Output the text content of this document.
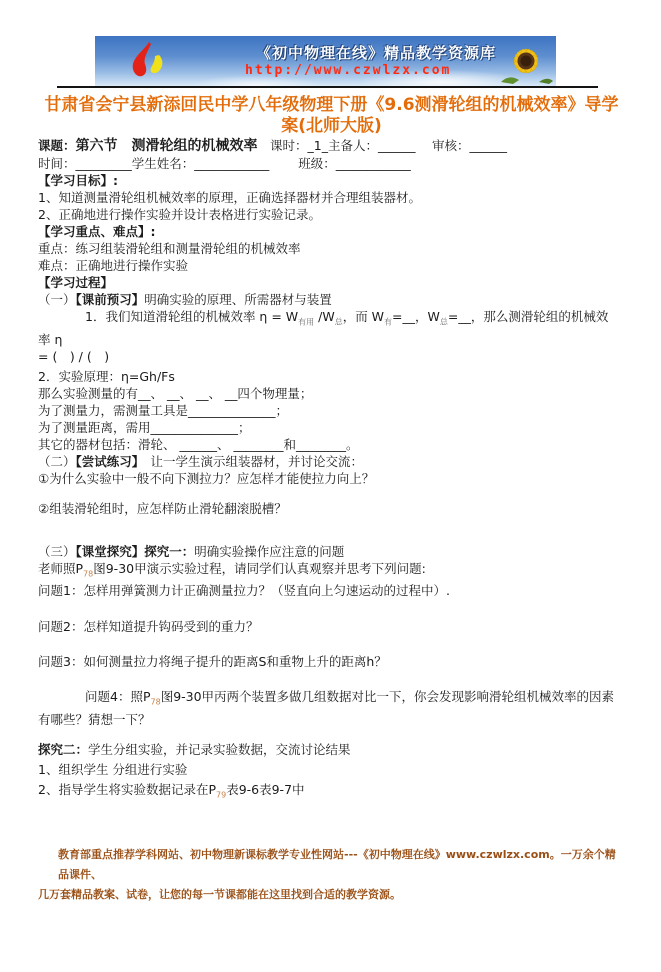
《初中物理在线》精品教学资源库
http://www.czwlzx.com
甘肃省会宁县新添回民中学八年级物理下册《9.6测滑轮组的机械效率》导学案(北师大版)

课题：第六节　测滑轮组的机械效率　课时：_1_主备人：______　 审核：______

时间：_________学生姓名：____________　　 班级：____________

【学习目标】:

1、知道测量滑轮组机械效率的原理，正确选择器材并合理组装器材。

2、正确地进行操作实验并设计表格进行实验记录。

【学习重点、难点】:

重点：练习组装滑轮组和测量滑轮组的机械效率

难点：正确地进行操作实验

【学习过程】

（一）【课前预习】明确实验的原理、所需器材与装置

1．我们知道滑轮组的机械效率 $\eta = W_{有用}$ $/W_总$，而 $W_有=\_\_$，$W_总=\_\_$，那么测滑轮组的机械效率 η

= (　) / (　)

2．实验原理：η=Gh/Fs

那么实验测量的有__、 __、 __、 __四个物理量；

为了测量力，需测量工具是______________；

为了测量距离，需用______________；

其它的器材包括：滑轮、 ______、 ________和________。

（二）【尝试练习】　让一学生演示组装器材，并讨论交流：

①为什么实验中一般不向下测拉力？应怎样才能使拉力向上？

②组装滑轮组时，应怎样防止滑轮翻滚脱槽？

（三）【课堂探究】探究一：明确实验操作应注意的问题

老师照$P_{78}$图9-30甲演示实验过程，请同学们认真观察并思考下列问题:

问题1：怎样用弹簧测力计正确测量拉力？（竖直向上匀速运动的过程中）.

问题2：怎样知道提升钩码受到的重力？

问题3：如何测量拉力将绳子提升的距离S和重物上升的距离h？

问题4：照$P_{78}$图9-30甲丙两个装置多做几组数据对比一下，你会发现影响滑轮组机械效率的因素有哪些？猜想一下？

探究二：学生分组实验，并记录实验数据，交流讨论结果

1、组织学生 分组进行实验

2、指导学生将实验数据记录在$P_{79}$表9-6表9-7中

教育部重点推荐学科网站、初中物理新课标教学专业性网站---《初中物理在线》www.czwlzx.com。一万余个精品课件、

几万套精品教案、试卷，让您的每一节课都能在这里找到合适的教学资源。
